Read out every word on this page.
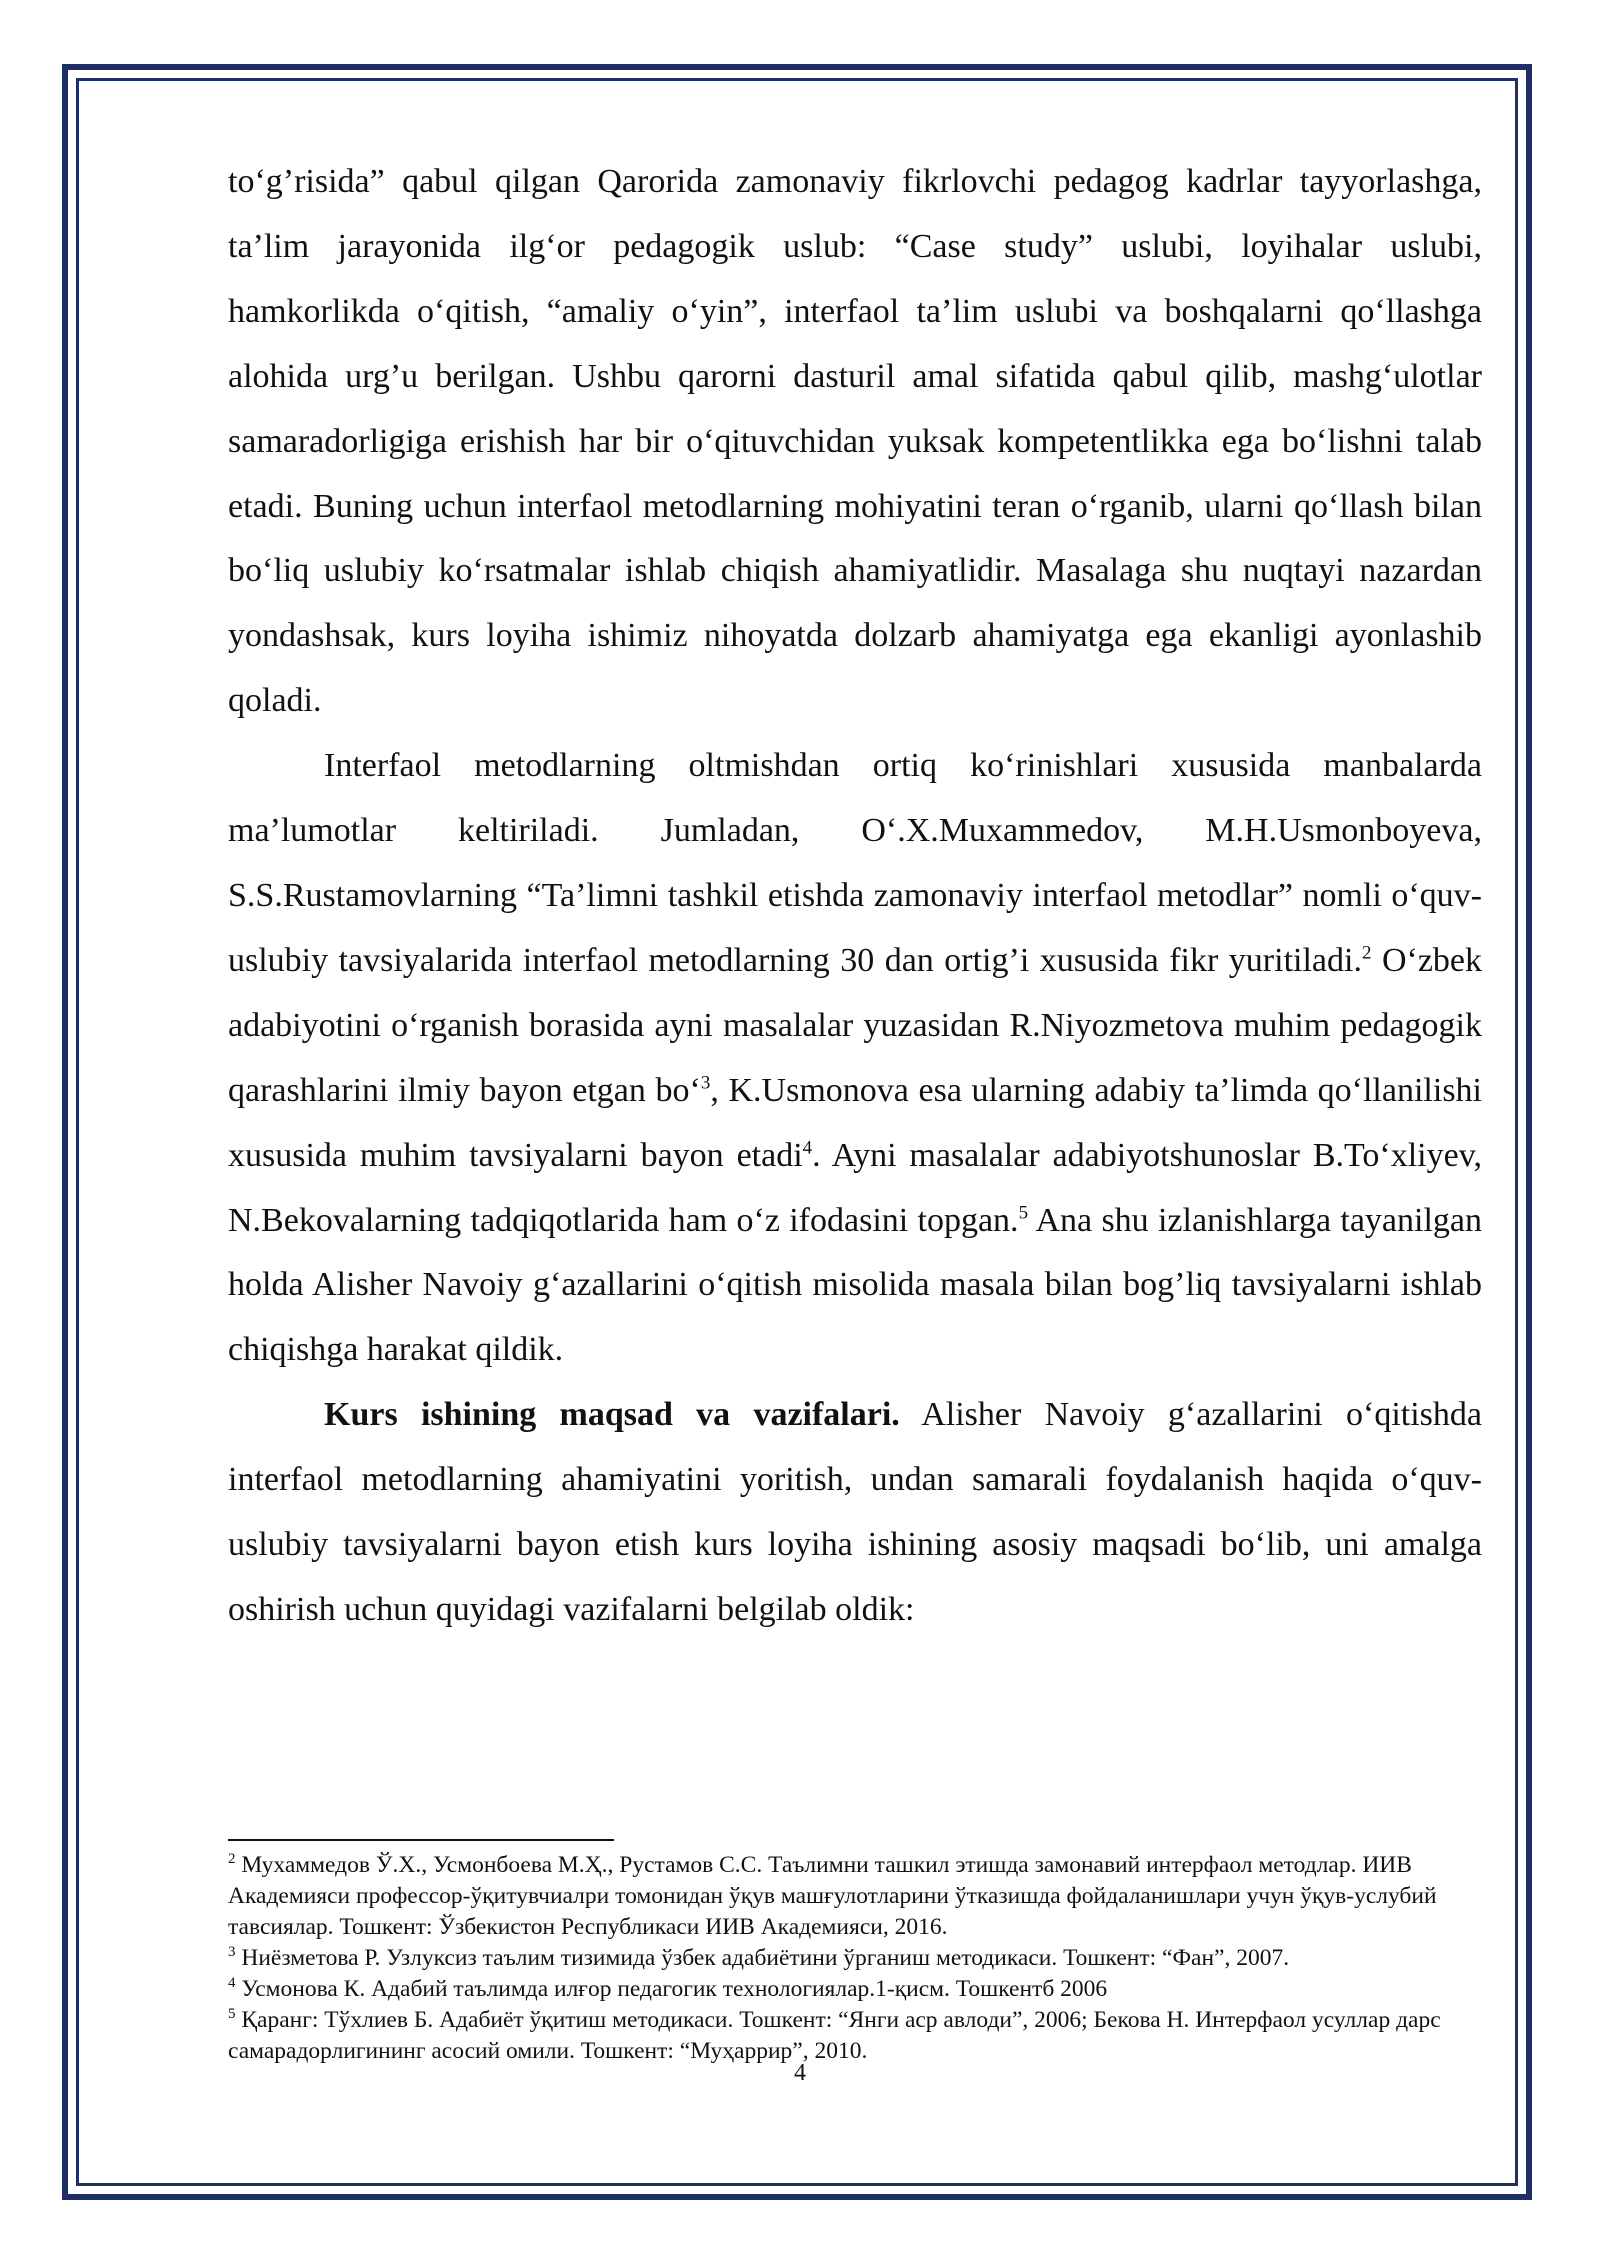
to‘g’risida” qabul qilgan Qarorida zamonaviy fikrlovchi pedagog kadrlar tayyorlashga, ta’lim jarayonida ilg‘or pedagogik uslub: “Case study” uslubi, loyihalar uslubi, hamkorlikda o‘qitish, “amaliy o‘yin”, interfaol ta’lim uslubi va boshqalarni qo‘llashga alohida urg’u berilgan. Ushbu qarorni dasturil amal sifatida qabul qilib, mashg‘ulotlar samaradorligiga erishish har bir o‘qituvchidan yuksak kompetentlikka ega bo‘lishni talab etadi. Buning uchun interfaol metodlarning mohiyatini teran o‘rganib, ularni qo‘llash bilan bo‘liq uslubiy ko‘rsatmalar ishlab chiqish ahamiyatlidir. Masalaga shu nuqtayi nazardan yondashsak, kurs loyiha ishimiz nihoyatda dolzarb ahamiyatga ega ekanligi ayonlashib qoladi.

Interfaol metodlarning oltmishdan ortiq ko‘rinishlari xususida manbalarda ma’lumotlar keltiriladi. Jumladan, O‘.X.Muxammedov, M.H.Usmonboyeva, S.S.Rustamovlarning “Ta’limni tashkil etishda zamonaviy interfaol metodlar” nomli o‘quv-uslubiy tavsiyalarida interfaol metodlarning 30 dan ortig’i xususida fikr yuritiladi.$^2$ O‘zbek adabiyotini o‘rganish borasida ayni masalalar yuzasidan R.Niyozmetova muhim pedagogik qarashlarini ilmiy bayon etgan bo‘$^3$, K.Usmonova esa ularning adabiy ta’limda qo‘llanilishi xususida muhim tavsiyalarni bayon etadi$^4$. Ayni masalalar adabiyotshunoslar B.To‘xliyev, N.Bekovalarning tadqiqotlarida ham o‘z ifodasini topgan.$^5$ Ana shu izlanishlarga tayanilgan holda Alisher Navoiy g‘azallarini o‘qitish misolida masala bilan bog’liq tavsiyalarni ishlab chiqishga harakat qildik.

Kurs ishining maqsad va vazifalari. Alisher Navoiy g‘azallarini o‘qitishda interfaol metodlarning ahamiyatini yoritish, undan samarali foydalanish haqida o‘quv-uslubiy tavsiyalarni bayon etish kurs loyiha ishining asosiy maqsadi bo‘lib, uni amalga oshirish uchun quyidagi vazifalarni belgilab oldik:

$^2$ Мухаммедов Ў.Х., Усмонбоева М.Ҳ., Рустамов С.С. Таълимни ташкил этишда замонавий интерфаол методлар. ИИВ Академияси профессор-ўқитувчиалри томонидан ўқув машғулотларини ўтказишда фойдаланишлари учун ўқув-услубий тавсиялар. Тошкент: Ўзбекистон Республикаси ИИВ Академияси, 2016.

$^3$ Ниёзметова Р. Узлуксиз таълим тизимида ўзбек адабиётини ўрганиш методикаси. Тошкент: “Фан”, 2007.

$^4$ Усмонова К. Адабий таълимда илғор педагогик технологиялар.1-қисм. Тошкентб 2006

$^5$ Қаранг: Тўхлиев Б. Адабиёт ўқитиш методикаси. Тошкент: “Янги аср авлоди”, 2006; Бекова Н. Интерфаол усуллар дарс самарадорлигининг асосий омили. Тошкент: “Муҳаррир”, 2010.

4
